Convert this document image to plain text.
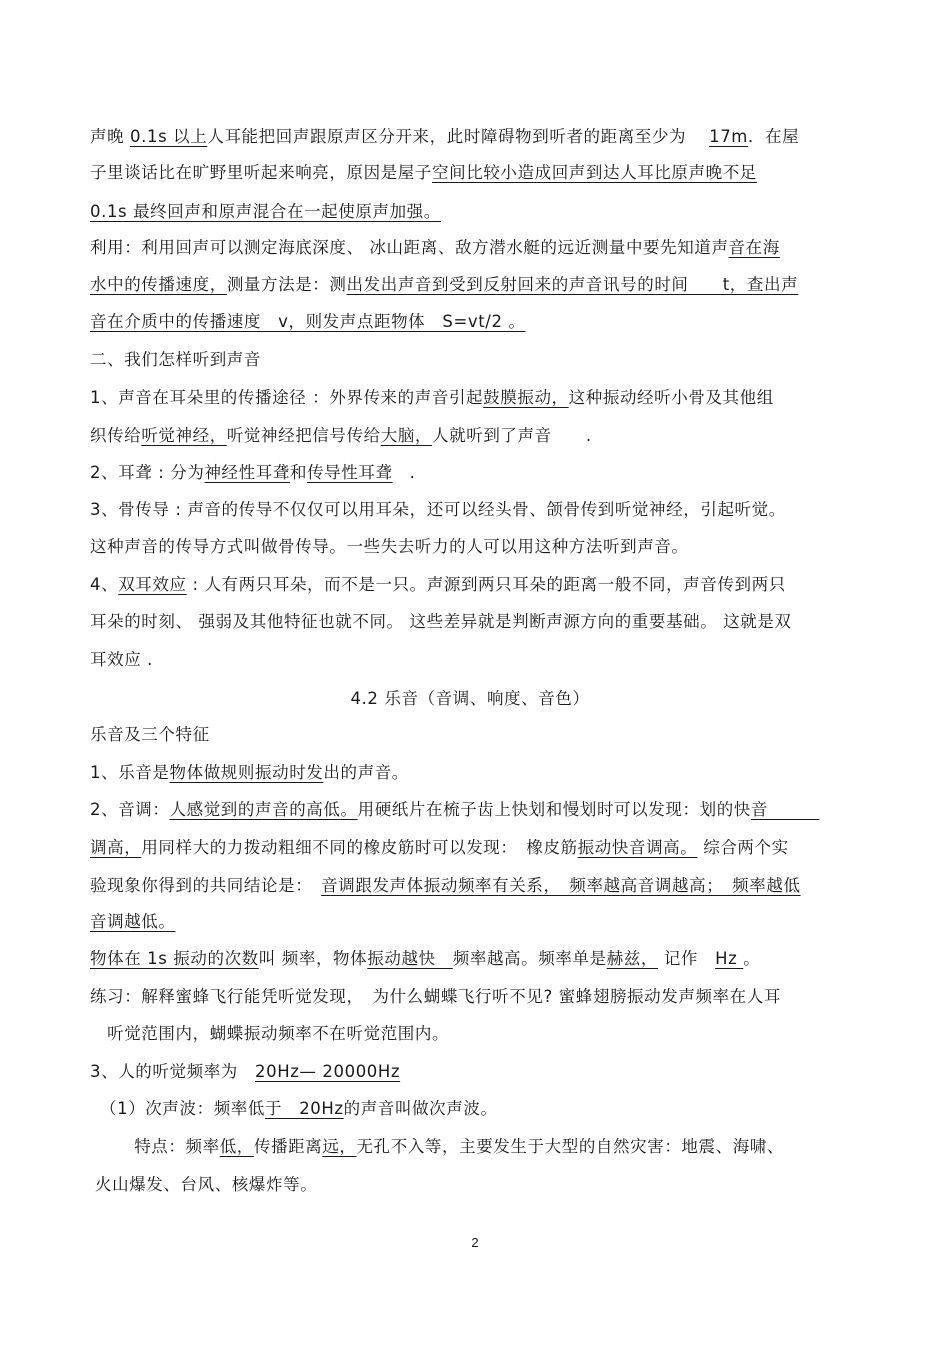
声晚 0.1s 以上人耳能把回声跟原声区分开来，此时障碍物到听者的距离至少为 　17m．在屋
子里谈话比在旷野里听起来响亮，原因是屋子空间比较小造成回声到达人耳比原声晚不足
0.1s 最终回声和原声混合在一起使原声加强。
利用：利用回声可以测定海底深度、 冰山距离、敌方潜水艇的远近测量中要先知道声音在海
水中的传播速度，测量方法是：测出发出声音到受到反射回来的声音讯号的时间　　t，查出声
音在介质中的传播速度　v，则发声点距物体　S=vt/2 。
二、我们怎样听到声音
1、声音在耳朵里的传播途径 ：外界传来的声音引起鼓膜振动，这种振动经听小骨及其他组
织传给听觉神经，听觉神经把信号传给大脑，人就听到了声音　　.
2、耳聋 : 分为神经性耳聋和传导性耳聋　.
3、骨传导 : 声音的传导不仅仅可以用耳朵，还可以经头骨、颌骨传到听觉神经，引起听觉。
这种声音的传导方式叫做骨传导。一些失去听力的人可以用这种方法听到声音。
4、双耳效应 : 人有两只耳朵，而不是一只。声源到两只耳朵的距离一般不同，声音传到两只
耳朵的时刻、 强弱及其他特征也就不同。 这些差异就是判断声源方向的重要基础。 这就是双
耳效应 .
4.2 乐音（音调、响度、音色）
乐音及三个特征
1、乐音是物体做规则振动时发出的声音。
2、音调：人感觉到的声音的高低。用硬纸片在梳子齿上快划和慢划时可以发现：划的快音　　　
调高，用同样大的力拨动粗细不同的橡皮筋时可以发现：　橡皮筋振动快音调高。 综合两个实
验现象你得到的共同结论是：　音调跟发声体振动频率有关系，　频率越高音调越高；　频率越低
音调越低。
物体在 1s 振动的次数叫 频率，物体振动越快　频率越高。频率单是赫兹， 记作　Hz 。
练习：解释蜜蜂飞行能凭听觉发现，　为什么蝴蝶飞行听不见? 蜜蜂翅膀振动发声频率在人耳
　听觉范围内，蝴蝶振动频率不在听觉范围内。
3、人的听觉频率为　20Hz— 20000Hz
（1）次声波：频率低于　20Hz的声音叫做次声波。
　　特点：频率低，传播距离远，无孔不入等，主要发生于大型的自然灾害：地震、海啸、
火山爆发、台风、核爆炸等。
2
